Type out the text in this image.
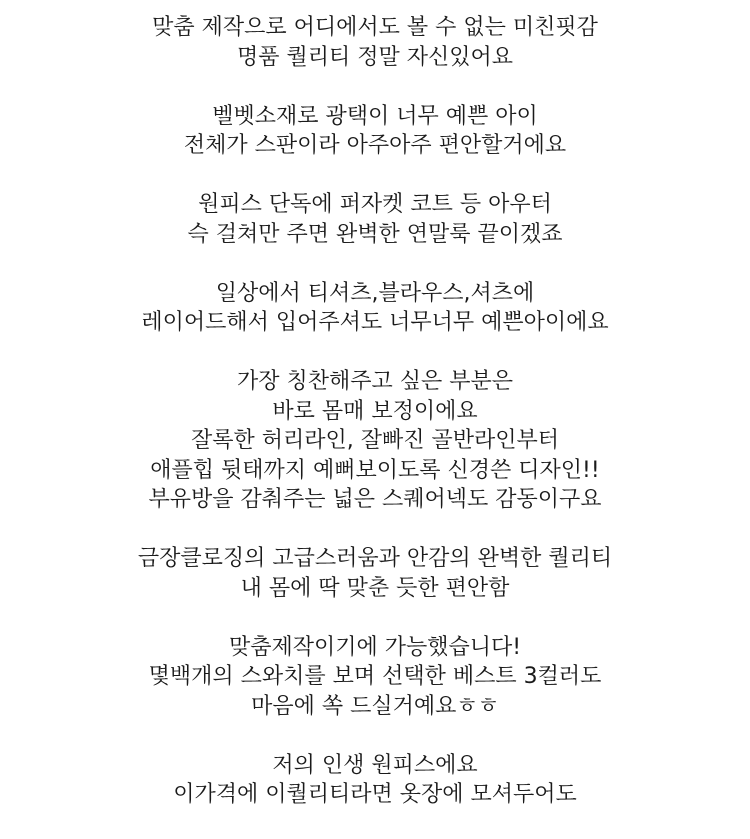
맞춤 제작으로 어디에서도 볼 수 없는 미친핏감
명품 퀄리티 정말 자신있어요
벨벳소재로 광택이 너무 예쁜 아이
전체가 스판이라 아주아주 편안할거에요
원피스 단독에 퍼자켓 코트 등 아우터
슥 걸쳐만 주면 완벽한 연말룩 끝이겠죠
일상에서 티셔츠,블라우스,셔츠에
레이어드해서 입어주셔도 너무너무 예쁜아이에요
가장 칭찬해주고 싶은 부분은
바로 몸매 보정이에요
잘록한 허리라인, 잘빠진 골반라인부터
애플힙 뒷태까지 예뻐보이도록 신경쓴 디자인!!
부유방을 감춰주는 넓은 스퀘어넥도 감동이구요
금장클로징의 고급스러움과 안감의 완벽한 퀄리티
내 몸에 딱 맞춘 듯한 편안함
맞춤제작이기에 가능했습니다!
몇백개의 스와치를 보며 선택한 베스트 3컬러도
마음에 쏙 드실거예요ㅎㅎ
저의 인생 원피스에요
이가격에 이퀄리티라면 옷장에 모셔두어도
